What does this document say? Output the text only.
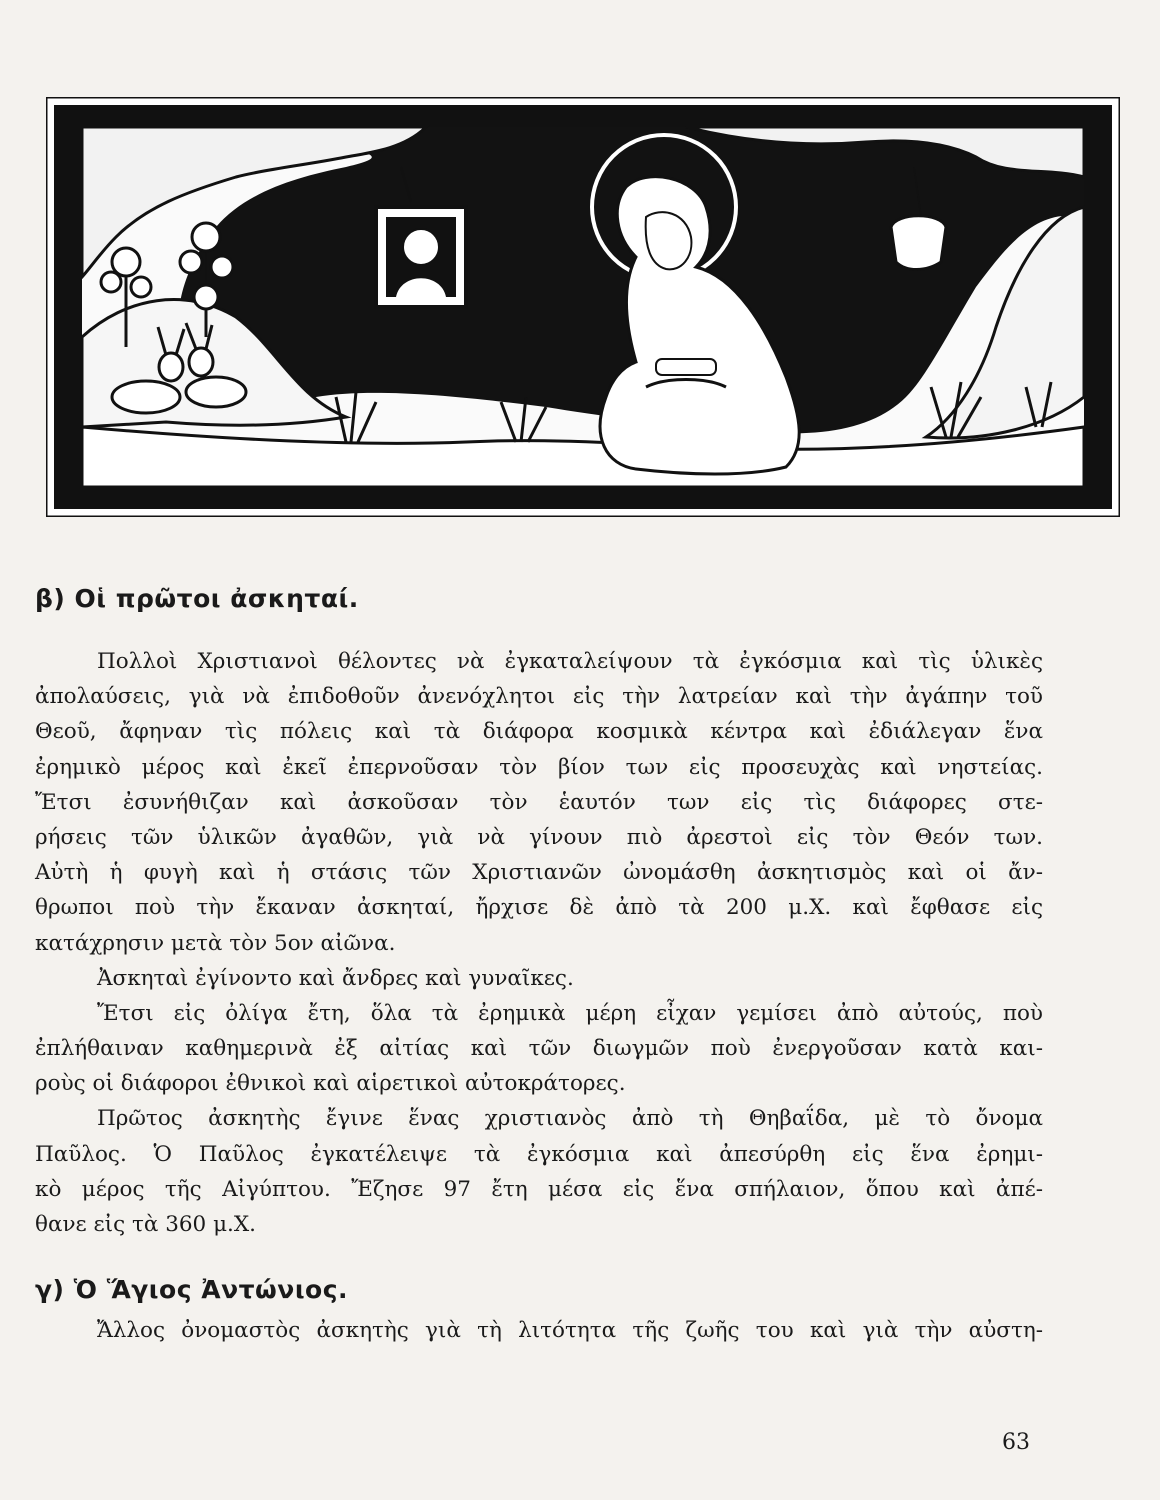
β) Οἱ πρῶτοι ἀσκηταί.
Πολλοὶ Χριστιανοὶ θέλοντες νὰ ἐγκαταλείψουν τὰ ἐγκόσμια καὶ τὶς ὑλικὲς
ἀπολαύσεις, γιὰ νὰ ἐπιδοθοῦν ἀνενόχλητοι εἰς τὴν λατρείαν καὶ τὴν ἀγάπην τοῦ
Θεοῦ, ἄφηναν τὶς πόλεις καὶ τὰ διάφορα κοσμικὰ κέντρα καὶ ἐδιάλεγαν ἕνα
ἐρημικὸ μέρος καὶ ἐκεῖ ἐπερνοῦσαν τὸν βίον των εἰς προσευχὰς καὶ νηστείας.
Ἔτσι ἐσυνήθιζαν καὶ ἀσκοῦσαν τὸν ἑαυτόν των εἰς τὶς διάφορες στε-
ρήσεις τῶν ὑλικῶν ἀγαθῶν, γιὰ νὰ γίνουν πιὸ ἀρεστοὶ εἰς τὸν Θεόν των.
Αὐτὴ ἡ φυγὴ καὶ ἡ στάσις τῶν Χριστιανῶν ὠνομάσθη ἀσκητισμὸς καὶ οἱ ἄν-
θρωποι ποὺ τὴν ἔκαναν ἀσκηταί, ἤρχισε δὲ ἀπὸ τὰ 200 μ.Χ. καὶ ἔφθασε εἰς
κατάχρησιν μετὰ τὸν 5ον αἰῶνα.
Ἀσκηταὶ ἐγίνοντο καὶ ἄνδρες καὶ γυναῖκες.
Ἔτσι εἰς ὀλίγα ἔτη, ὅλα τὰ ἐρημικὰ μέρη εἶχαν γεμίσει ἀπὸ αὐτούς, ποὺ
ἐπλήθαιναν καθημερινὰ ἐξ αἰτίας καὶ τῶν διωγμῶν ποὺ ἐνεργοῦσαν κατὰ και-
ροὺς οἱ διάφοροι ἐθνικοὶ καὶ αἱρετικοὶ αὐτοκράτορες.
Πρῶτος ἀσκητὴς ἔγινε ἕνας χριστιανὸς ἀπὸ τὴ Θηβαΐδα, μὲ τὸ ὄνομα
Παῦλος. Ὁ Παῦλος ἐγκατέλειψε τὰ ἐγκόσμια καὶ ἀπεσύρθη εἰς ἕνα ἐρημι-
κὸ μέρος τῆς Αἰγύπτου. Ἔζησε 97 ἔτη μέσα εἰς ἕνα σπήλαιον, ὅπου καὶ ἀπέ-
θανε εἰς τὰ 360 μ.Χ.
γ) Ὁ Ἅγιος Ἀντώνιος.
Ἄλλος ὀνομαστὸς ἀσκητὴς γιὰ τὴ λιτότητα τῆς ζωῆς του καὶ γιὰ τὴν αὐστη-
63
